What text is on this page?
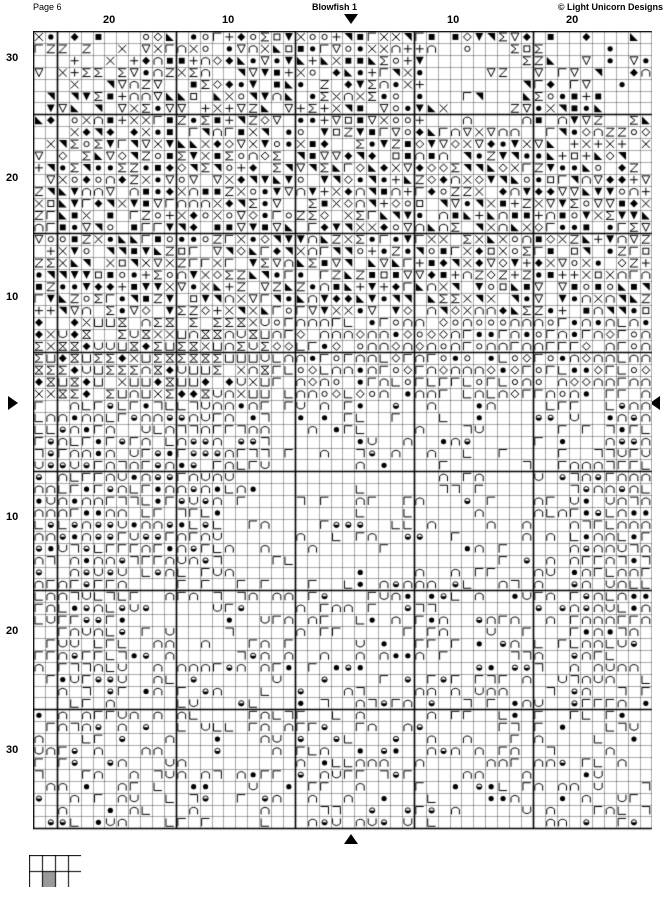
Page 6	Blowfish 1	© Light Unicorn Designs
20	10	10	20
30
20
10
10
20
30
